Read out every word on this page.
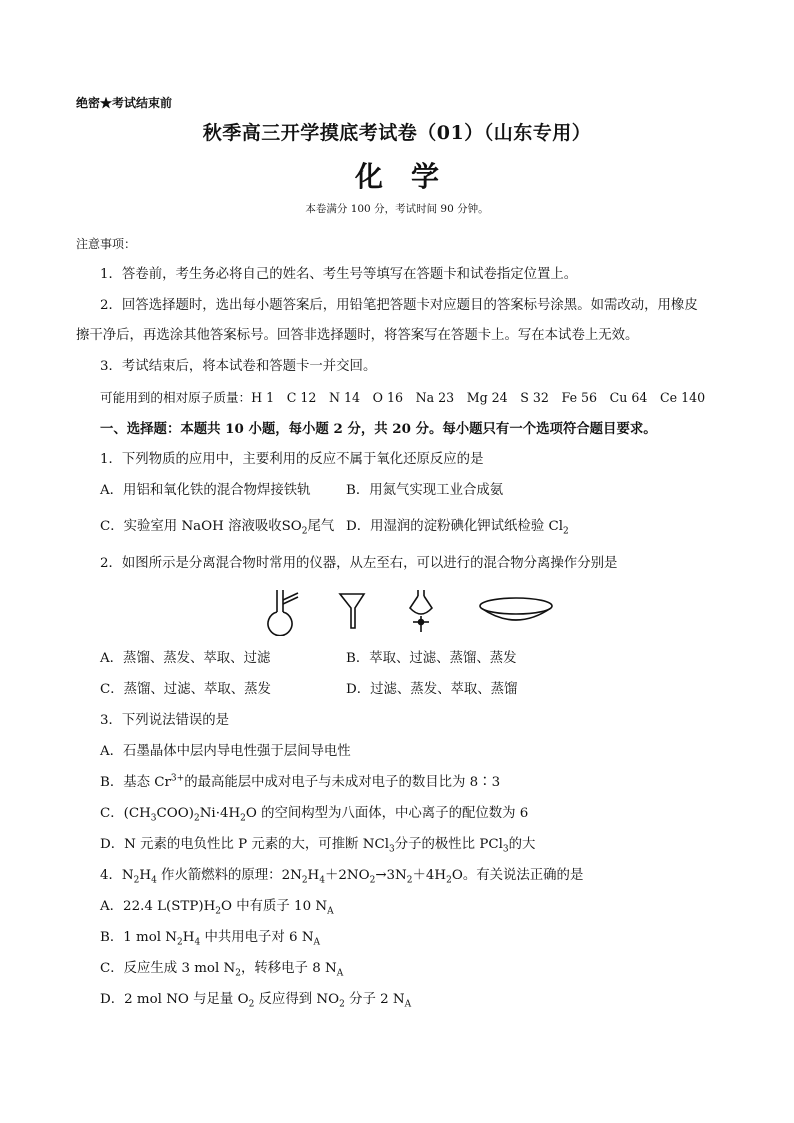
绝密★考试结束前
秋季高三开学摸底考试卷（01）（山东专用）
化 学
本卷满分 100 分，考试时间 90 分钟。
注意事项：
1．答卷前，考生务必将自己的姓名、考生号等填写在答题卡和试卷指定位置上。
2．回答选择题时，选出每小题答案后，用铅笔把答题卡对应题目的答案标号涂黑。如需改动，用橡皮
擦干净后，再选涂其他答案标号。回答非选择题时，将答案写在答题卡上。写在本试卷上无效。
3．考试结束后，将本试卷和答题卡一并交回。
可能用到的相对原子质量：H 1　C 12　N 14　O 16　Na 23　Mg 24　S 32　Fe 56　Cu 64　Ce 140
一、选择题：本题共 10 小题，每小题 2 分，共 20 分。每小题只有一个选项符合题目要求。
1．下列物质的应用中，主要利用的反应不属于氧化还原反应的是
A．用铝和氧化铁的混合物焊接铁轨	B．用氮气实现工业合成氨
C．实验室用 NaOH 溶液吸收$SO_2$尾气 D．用湿润的淀粉碘化钾试纸检验 $Cl_2$
2．如图所示是分离混合物时常用的仪器，从左至右，可以进行的混合物分离操作分别是
A．蒸馏、蒸发、萃取、过滤	B．萃取、过滤、蒸馏、蒸发
C．蒸馏、过滤、萃取、蒸发	D．过滤、蒸发、萃取、蒸馏
3．下列说法错误的是
A．石墨晶体中层内导电性强于层间导电性
B．基态 $Cr^{3+}$的最高能层中成对电子与未成对电子的数目比为 8∶3
C．$(CH_3COO)_2Ni\cdot 4H_2O$ 的空间构型为八面体，中心离子的配位数为 6
D．N 元素的电负性比 P 元素的大，可推断 NCl$_3$分子的极性比 PCl$_3$的大
4．$N_2H_4$ 作火箭燃料的原理：$2N_2H_4+2NO_2\to 3N_2+4H_2O$。有关说法正确的是
A．22.4 $L(STP)H_2O$ 中有质子 10 $N_A$
B．1 mol $N_2H_4$ 中共用电子对 6 $N_A$
C．反应生成 3 mol $N_2$，转移电子 8 $N_A$
D．2 mol NO 与足量 $O_2$ 反应得到 $NO_2$ 分子 2 $N_A$
